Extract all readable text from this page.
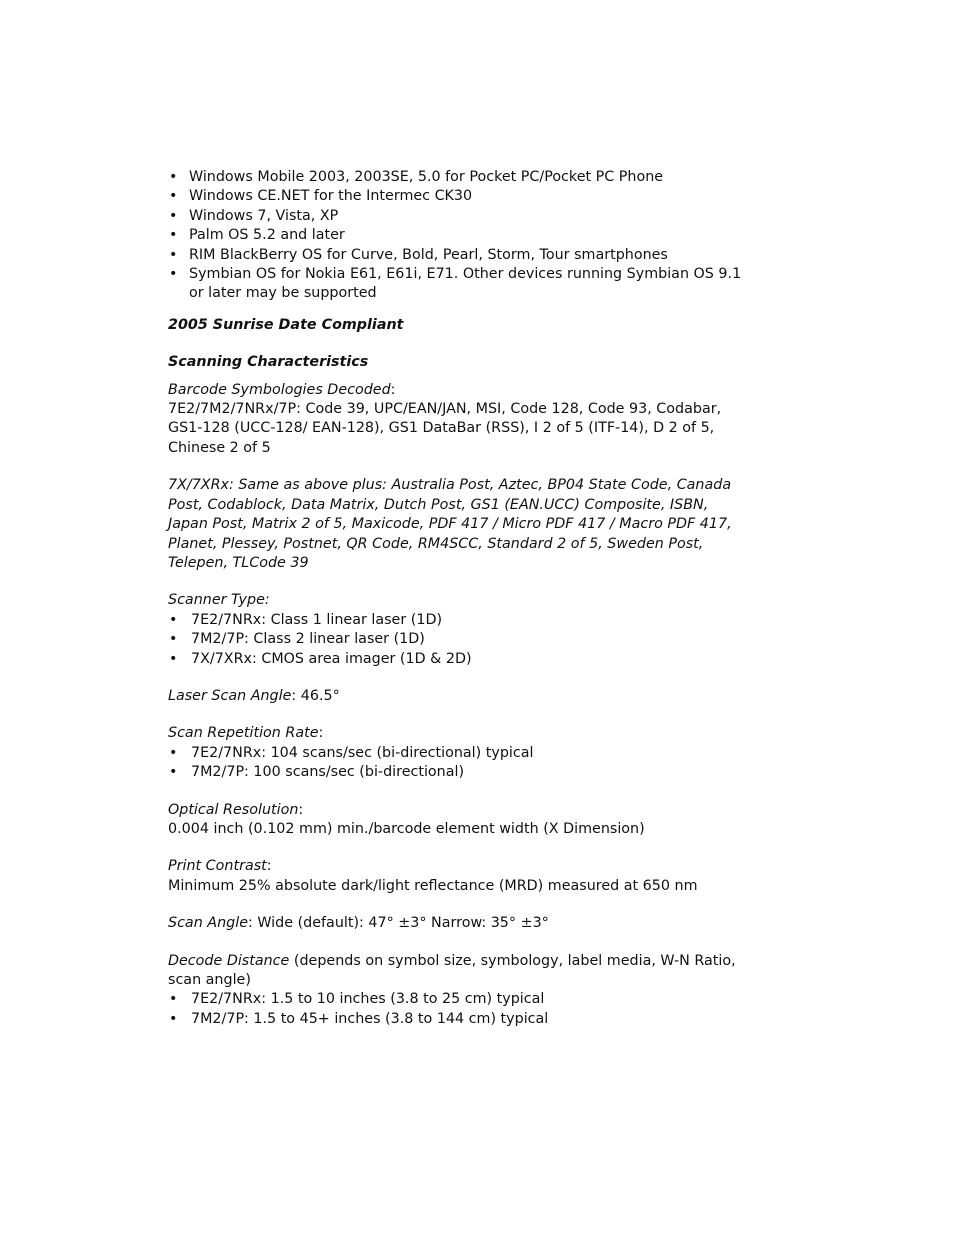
• Windows Mobile 2003, 2003SE, 5.0 for Pocket PC/Pocket PC Phone
• Windows CE.NET for the Intermec CK30
• Windows 7, Vista, XP
• Palm OS 5.2 and later
• RIM BlackBerry OS for Curve, Bold, Pearl, Storm, Tour smartphones
• Symbian OS for Nokia E61, E61i, E71. Other devices running Symbian OS 9.1 or later may be supported

2005 Sunrise Date Compliant

Scanning Characteristics

Barcode Symbologies Decoded:

7E2/7M2/7NRx/7P: Code 39, UPC/EAN/JAN, MSI, Code 128, Code 93, Codabar, GS1-128 (UCC-128/ EAN-128), GS1 DataBar (RSS), I 2 of 5 (ITF-14), D 2 of 5, Chinese 2 of 5

7X/7XRx: Same as above plus: Australia Post, Aztec, BP04 State Code, Canada Post, Codablock, Data Matrix, Dutch Post, GS1 (EAN.UCC) Composite, ISBN, Japan Post, Matrix 2 of 5, Maxicode, PDF 417 / Micro PDF 417 / Macro PDF 417, Planet, Plessey, Postnet, QR Code, RM4SCC, Standard 2 of 5, Sweden Post, Telepen, TLCode 39

Scanner Type:

• 7E2/7NRx: Class 1 linear laser (1D)
• 7M2/7P: Class 2 linear laser (1D)
• 7X/7XRx: CMOS area imager (1D & 2D)

Laser Scan Angle: 46.5°

Scan Repetition Rate:

• 7E2/7NRx: 104 scans/sec (bi-directional) typical
• 7M2/7P: 100 scans/sec (bi-directional)

Optical Resolution:

0.004 inch (0.102 mm) min./barcode element width (X Dimension)

Print Contrast:

Minimum 25% absolute dark/light reflectance (MRD) measured at 650 nm

Scan Angle: Wide (default): 47° ±3° Narrow: 35° ±3°

Decode Distance (depends on symbol size, symbology, label media, W-N Ratio, scan angle)

• 7E2/7NRx: 1.5 to 10 inches (3.8 to 25 cm) typical
• 7M2/7P: 1.5 to 45+ inches (3.8 to 144 cm) typical
